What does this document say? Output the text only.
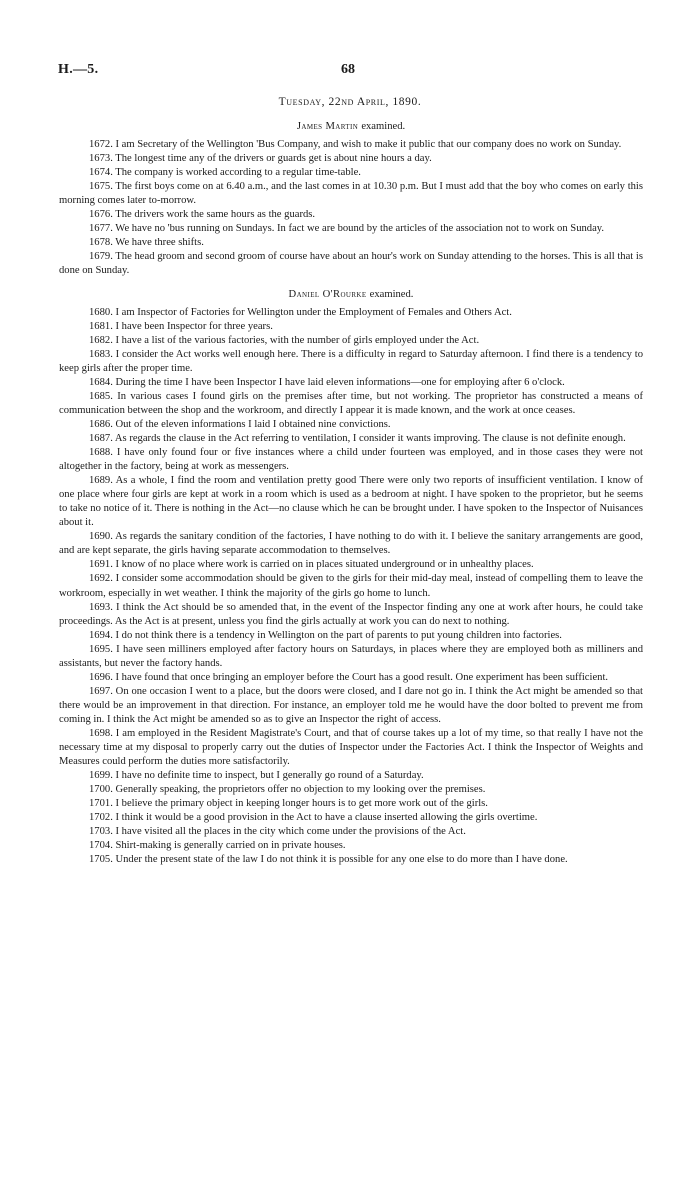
H.—5.	68
Tuesday, 22nd April, 1890.
James Martin examined.

1672. I am Secretary of the Wellington 'Bus Company, and wish to make it public that our company does no work on Sunday.

1673. The longest time any of the drivers or guards get is about nine hours a day.

1674. The company is worked according to a regular time-table.

1675. The first boys come on at 6.40 a.m., and the last comes in at 10.30 p.m. But I must add that the boy who comes on early this morning comes later to-morrow.

1676. The drivers work the same hours as the guards.

1677. We have no 'bus running on Sundays. In fact we are bound by the articles of the association not to work on Sunday.

1678. We have three shifts.

1679. The head groom and second groom of course have about an hour's work on Sunday attending to the horses. This is all that is done on Sunday.

Daniel O'Rourke examined.

1680. I am Inspector of Factories for Wellington under the Employment of Females and Others Act.

1681. I have been Inspector for three years.

1682. I have a list of the various factories, with the number of girls employed under the Act.

1683. I consider the Act works well enough here. There is a difficulty in regard to Saturday afternoon. I find there is a tendency to keep girls after the proper time.

1684. During the time I have been Inspector I have laid eleven informations—one for employing after 6 o'clock.

1685. In various cases I found girls on the premises after time, but not working. The proprietor has constructed a means of communication between the shop and the workroom, and directly I appear it is made known, and the work at once ceases.

1686. Out of the eleven informations I laid I obtained nine convictions.

1687. As regards the clause in the Act referring to ventilation, I consider it wants improving. The clause is not definite enough.

1688. I have only found four or five instances where a child under fourteen was employed, and in those cases they were not altogether in the factory, being at work as messengers.

1689. As a whole, I find the room and ventilation pretty good There were only two reports of insufficient ventilation. I know of one place where four girls are kept at work in a room which is used as a bedroom at night. I have spoken to the proprietor, but he seems to take no notice of it. There is nothing in the Act—no clause which he can be brought under. I have spoken to the Inspector of Nuisances about it.

1690. As regards the sanitary condition of the factories, I have nothing to do with it. I believe the sanitary arrangements are good, and are kept separate, the girls having separate accommodation to themselves.

1691. I know of no place where work is carried on in places situated underground or in unhealthy places.

1692. I consider some accommodation should be given to the girls for their mid-day meal, instead of compelling them to leave the workroom, especially in wet weather. I think the majority of the girls go home to lunch.

1693. I think the Act should be so amended that, in the event of the Inspector finding any one at work after hours, he could take proceedings. As the Act is at present, unless you find the girls actually at work you can do next to nothing.

1694. I do not think there is a tendency in Wellington on the part of parents to put young children into factories.

1695. I have seen milliners employed after factory hours on Saturdays, in places where they are employed both as milliners and assistants, but never the factory hands.

1696. I have found that once bringing an employer before the Court has a good result. One experiment has been sufficient.

1697. On one occasion I went to a place, but the doors were closed, and I dare not go in. I think the Act might be amended so that there would be an improvement in that direction. For instance, an employer told me he would have the door bolted to prevent me from coming in. I think the Act might be amended so as to give an Inspector the right of access.

1698. I am employed in the Resident Magistrate's Court, and that of course takes up a lot of my time, so that really I have not the necessary time at my disposal to properly carry out the duties of Inspector under the Factories Act. I think the Inspector of Weights and Measures could perform the duties more satisfactorily.

1699. I have no definite time to inspect, but I generally go round of a Saturday.

1700. Generally speaking, the proprietors offer no objection to my looking over the premises.

1701. I believe the primary object in keeping longer hours is to get more work out of the girls.

1702. I think it would be a good provision in the Act to have a clause inserted allowing the girls overtime.

1703. I have visited all the places in the city which come under the provisions of the Act.

1704. Shirt-making is generally carried on in private houses.

1705. Under the present state of the law I do not think it is possible for any one else to do more than I have done.
